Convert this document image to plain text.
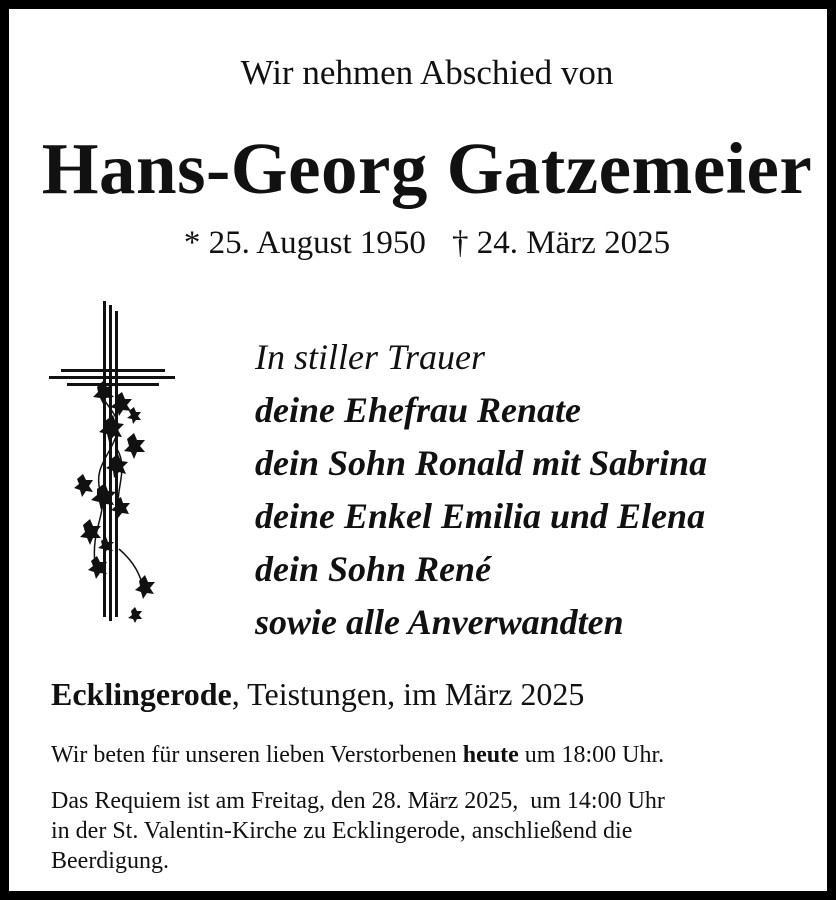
Wir nehmen Abschied von
Hans-Georg Gatzemeier
* 25. August 1950 † 24. März 2025
In stiller Trauer
deine Ehefrau Renate
dein Sohn Ronald mit Sabrina
deine Enkel Emilia und Elena
dein Sohn René
sowie alle Anverwandten
Ecklingerode, Teistungen, im März 2025
Wir beten für unseren lieben Verstorbenen heute um 18:00 Uhr.
Das Requiem ist am Freitag, den 28. März 2025,  um 14:00 Uhr
in der St. Valentin-Kirche zu Ecklingerode, anschließend die
Beerdigung.
